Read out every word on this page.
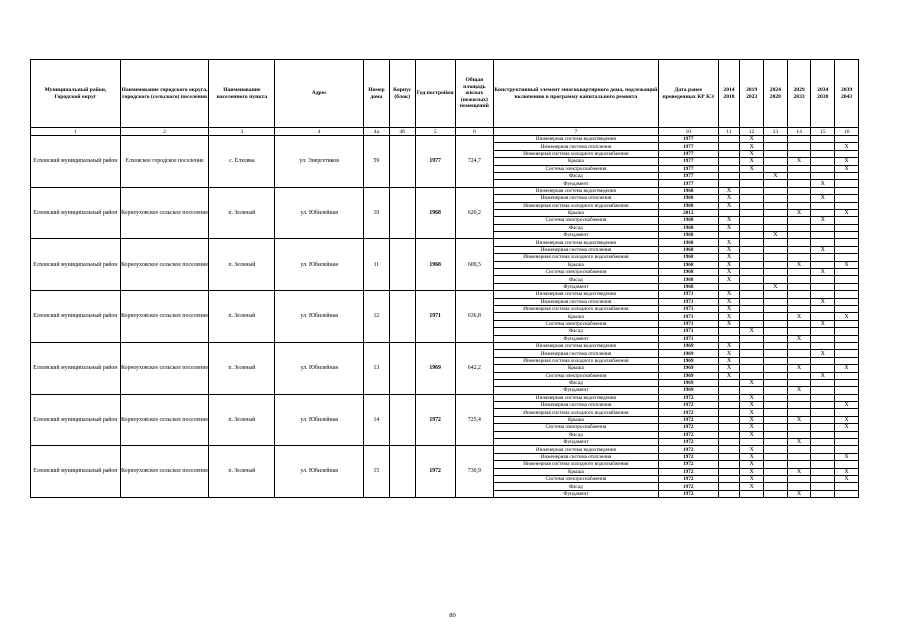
Муниципальный район, Городской округ	Наименование городского округа, городского (сельского) поселения	Наименование населенного пункта	Адрес	Номер дома	Корпус (блок)	Год постройки	Общая площадь жилых (нежилых) помещений	Конструктивный элемент многоквартирного дома, подлежащий включению в программу капитального ремонта	Дата ранее проведенных КР КЭ	2014 2018	2019 2023	2024 2028	2029 2033	2034 2038	2039 2043
1	2	3	4	4а	4б	5	6	7	10	11	12	13	14	15	16
Елховский муниципальный район	Елховское городское поселение	с. Елховка	ул. Энергетиков	59		1977	724,7	Инженерная система водоотведения	1977		X				
								Инженерная система отопления	1977		X				X
								Инженерная система холодного водоснабжения	1977		X				
								Крыша	1977		X		X		X
								Система электроснабжения	1977		X				X
								Фасад	1977			X			
								Фундамент	1977					X	
Елховский муниципальный район	Корноуховское сельское поселение	п. Зеленый	ул. Юбилейная	10		1968	620,2	Инженерная система водоотведения	1968	X					
								Инженерная система отопления	1968	X				X	
								Инженерная система холодного водоснабжения	1968	X					
								Крыша	2012				X		X
								Система электроснабжения	1968	X				X	
								Фасад	1968	X					
								Фундамент	1968			X			
Елховский муниципальный район	Корноуховское сельское поселение	п. Зеленый	ул. Юбилейная	11		1968	609,5	Инженерная система водоотведения	1968	X					
								Инженерная система отопления	1968	X				X	
								Инженерная система холодного водоснабжения	1968	X					
								Крыша	1968	X			X		X
								Система электроснабжения	1968	X				X	
								Фасад	1968	X					
								Фундамент	1968			X			
Елховский муниципальный район	Корноуховское сельское поселение	п. Зеленый	ул. Юбилейная	12		1971	636,8	Инженерная система водоотведения	1971	X					
								Инженерная система отопления	1971	X				X	
								Инженерная система холодного водоснабжения	1971	X					
								Крыша	1971	X			X		X
								Система электроснабжения	1971	X				X	
								Фасад	1971		X				
								Фундамент	1971				X		
Елховский муниципальный район	Корноуховское сельское поселение	п. Зеленый	ул. Юбилейная	13		1969	642,2	Инженерная система водоотведения	1969	X					
								Инженерная система отопления	1969	X				X	
								Инженерная система холодного водоснабжения	1969	X					
								Крыша	1969	X			X		X
								Система электроснабжения	1969	X				X	
								Фасад	1969		X				
								Фундамент	1969				X		
Елховский муниципальный район	Корноуховское сельское поселение	п. Зеленый	ул. Юбилейная	14		1972	725,4	Инженерная система водоотведения	1972		X				
								Инженерная система отопления	1972		X				X
								Инженерная система холодного водоснабжения	1972		X				
								Крыша	1972		X		X		X
								Система электроснабжения	1972		X				X
								Фасад	1972		X				
								Фундамент	1972				X		
Елховский муниципальный район	Корноуховское сельское поселение	п. Зеленый	ул. Юбилейная	15		1972	730,9	Инженерная система водоотведения	1972		X				
								Инженерная система отопления	1972		X				X
								Инженерная система холодного водоснабжения	1972		X				
								Крыша	1972		X		X		X
								Система электроснабжения	1972		X				X
								Фасад	1972		X				
								Фундамент	1972				X		
80
